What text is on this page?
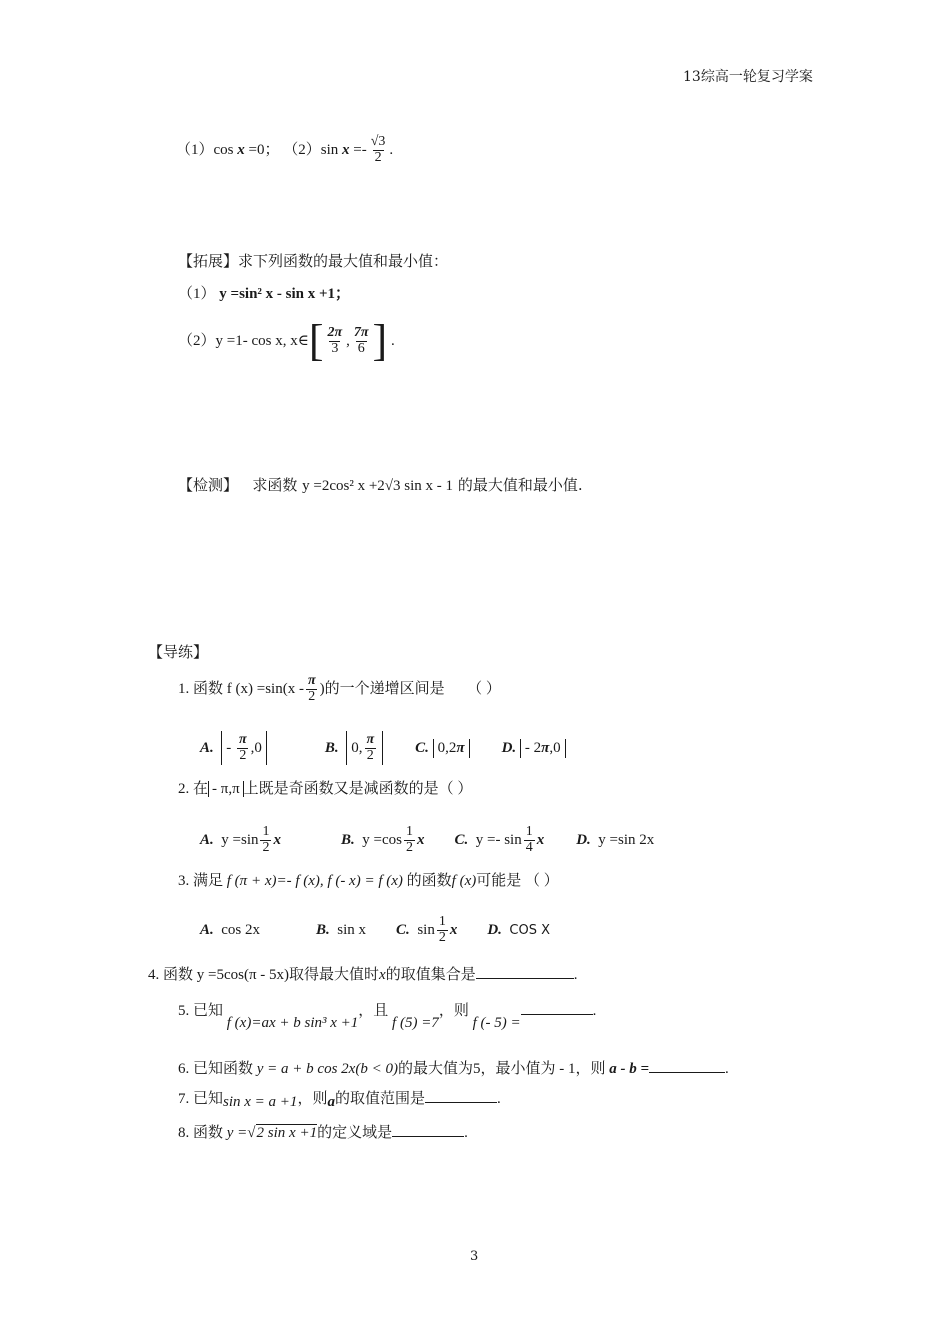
13综高一轮复习学案
（1） cos
x
=0；
（2） sin
x
=- $\frac{√3}{2}$ .
【拓展】求下列函数的最大值和最小值：
（1） y =sin² x - sin x +1；
（2） y =1- cos x, x∈ [ $\frac{2\pi}{3}$ , $\frac{7\pi}{6}$ ]
.
【检测】 求函数 y =2cos² x +2√3 sin x - 1 的最大值和最小值.
【导练】
1. 函数
f $(x) =\sin(x - \frac{\pi}{2}$ )的一个递增区间是
（ ）
A.
- $\frac{\pi}{2} ,0$	B.
0, $\frac{\pi}{2}$	C.
0,2π	D.
- 2π,0
2. 在 - π,π 上既是奇函数又是减函数的是（ ）
A.
$y =\sin \frac{1}{2}$ x	B.
$y =\cos \frac{1}{2}$ x C.
$y =- \sin \frac{1}{4}$ x D.
y =sin 2x
3. 满足 f (π + x)=- f (x), f (- x) = f (x) 的函数f (x)可能是 （ ）
A.
cos 2x	B.
sin x C.
$\sin \frac{1}{2}$ x D.
COS X
4. 函数 y =5cos(π - 5x)取得最大值时x的取值集合是	.
5. 已知 f (x)=ax + b sin³ x +1，且 f (5) =7，则 f (- 5) =.
6. 已知函数 y = a + b cos 2x(b < 0)的最大值为5，最小值为 - 1，则 a - b =	.
7. 已知sin x = a +1，则a的取值范围是	.
8. 函数 y =√2 sin x +1的定义域是	.
3
